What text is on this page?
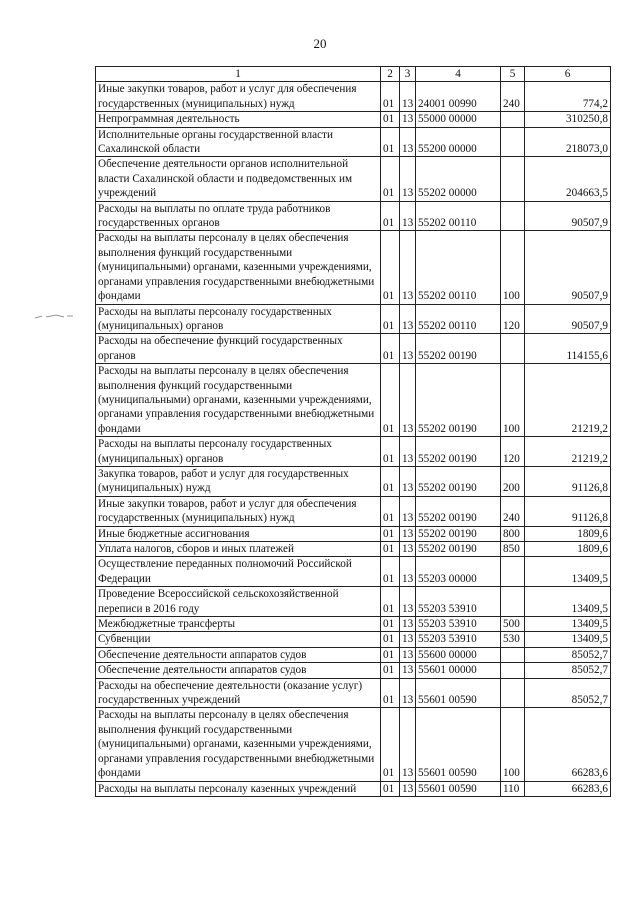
20
1	2	3	4	5	6
Иные закупки товаров, работ и услуг для обеспечения государственных (муниципальных) нужд	01	13	24001 00990	240	774,2
Непрограммная деятельность	01	13	55000 00000		310250,8
Исполнительные органы государственной власти Сахалинской области	01	13	55200 00000		218073,0
Обеспечение деятельности органов исполнительной власти Сахалинской области и подведомственных им учреждений	01	13	55202 00000		204663,5
Расходы на выплаты по оплате труда работников государственных органов	01	13	55202 00110		90507,9
Расходы на выплаты персоналу в целях обеспечения выполнения функций государственными (муниципальными) органами, казенными учреждениями, органами управления государственными внебюджетными фондами	01	13	55202 00110	100	90507,9
Расходы на выплаты персоналу государственных (муниципальных) органов	01	13	55202 00110	120	90507,9
Расходы на обеспечение функций государственных органов	01	13	55202 00190		114155,6
Расходы на выплаты персоналу в целях обеспечения выполнения функций государственными (муниципальными) органами, казенными учреждениями, органами управления государственными внебюджетными фондами	01	13	55202 00190	100	21219,2
Расходы на выплаты персоналу государственных (муниципальных) органов	01	13	55202 00190	120	21219,2
Закупка товаров, работ и услуг для государственных (муниципальных) нужд	01	13	55202 00190	200	91126,8
Иные закупки товаров, работ и услуг для обеспечения государственных (муниципальных) нужд	01	13	55202 00190	240	91126,8
Иные бюджетные ассигнования	01	13	55202 00190	800	1809,6
Уплата налогов, сборов и иных платежей	01	13	55202 00190	850	1809,6
Осуществление переданных полномочий Российской Федерации	01	13	55203 00000		13409,5
Проведение Всероссийской сельскохозяйственной переписи в 2016 году	01	13	55203 53910		13409,5
Межбюджетные трансферты	01	13	55203 53910	500	13409,5
Субвенции	01	13	55203 53910	530	13409,5
Обеспечение деятельности аппаратов судов	01	13	55600 00000		85052,7
Обеспечение деятельности аппаратов судов	01	13	55601 00000		85052,7
Расходы на обеспечение деятельности (оказание услуг) государственных учреждений	01	13	55601 00590		85052,7
Расходы на выплаты персоналу в целях обеспечения выполнения функций государственными (муниципальными) органами, казенными учреждениями, органами управления государственными внебюджетными фондами	01	13	55601 00590	100	66283,6
Расходы на выплаты персоналу казенных учреждений	01	13	55601 00590	110	66283,6
